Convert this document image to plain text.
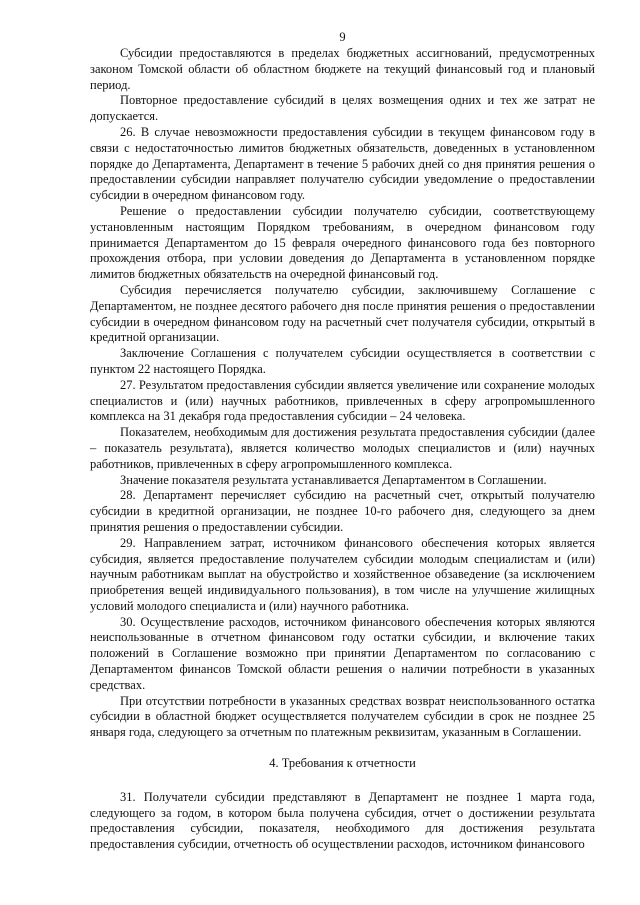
9

Субсидии предоставляются в пределах бюджетных ассигнований, предусмотренных законом Томской области об областном бюджете на текущий финансовый год и плановый период.

Повторное предоставление субсидий в целях возмещения одних и тех же затрат не допускается.

26. В случае невозможности предоставления субсидии в текущем финансовом году в связи с недостаточностью лимитов бюджетных обязательств, доведенных в установленном порядке до Департамента, Департамент в течение 5 рабочих дней со дня принятия решения о предоставлении субсидии направляет получателю субсидии уведомление о предоставлении субсидии в очередном финансовом году.

Решение о предоставлении субсидии получателю субсидии, соответствующему установленным настоящим Порядком требованиям, в очередном финансовом году принимается Департаментом до 15 февраля очередного финансового года без повторного прохождения отбора, при условии доведения до Департамента в установленном порядке лимитов бюджетных обязательств на очередной финансовый год.

Субсидия перечисляется получателю субсидии, заключившему Соглашение с Департаментом, не позднее десятого рабочего дня после принятия решения о предоставлении субсидии в очередном финансовом году на расчетный счет получателя субсидии, открытый в кредитной организации.

Заключение Соглашения с получателем субсидии осуществляется в соответствии с пунктом 22 настоящего Порядка.

27. Результатом предоставления субсидии является увеличение или сохранение молодых специалистов и (или) научных работников, привлеченных в сферу агропромышленного комплекса на 31 декабря года предоставления субсидии – 24 человека.

Показателем, необходимым для достижения результата предоставления субсидии (далее – показатель результата), является количество молодых специалистов и (или) научных работников, привлеченных в сферу агропромышленного комплекса.

Значение показателя результата устанавливается Департаментом в Соглашении.

28. Департамент перечисляет субсидию на расчетный счет, открытый получателю субсидии в кредитной организации, не позднее 10-го рабочего дня, следующего за днем принятия решения о предоставлении субсидии.

29. Направлением затрат, источником финансового обеспечения которых является субсидия, является предоставление получателем субсидии молодым специалистам и (или) научным работникам выплат на обустройство и хозяйственное обзаведение (за исключением приобретения вещей индивидуального пользования), в том числе на улучшение жилищных условий молодого специалиста и (или) научного работника.

30. Осуществление расходов, источником финансового обеспечения которых являются неиспользованные в отчетном финансовом году остатки субсидии, и включение таких положений в Соглашение возможно при принятии Департаментом по согласованию с Департаментом финансов Томской области решения о наличии потребности в указанных средствах.

При отсутствии потребности в указанных средствах возврат неиспользованного остатка субсидии в областной бюджет осуществляется получателем субсидии в срок не позднее 25 января года, следующего за отчетным по платежным реквизитам, указанным в Соглашении.

4. Требования к отчетности

31. Получатели субсидии представляют в Департамент не позднее 1 марта года, следующего за годом, в котором была получена субсидия, отчет о достижении результата предоставления субсидии, показателя, необходимого для достижения результата предоставления субсидии, отчетность об осуществлении расходов, источником финансового
